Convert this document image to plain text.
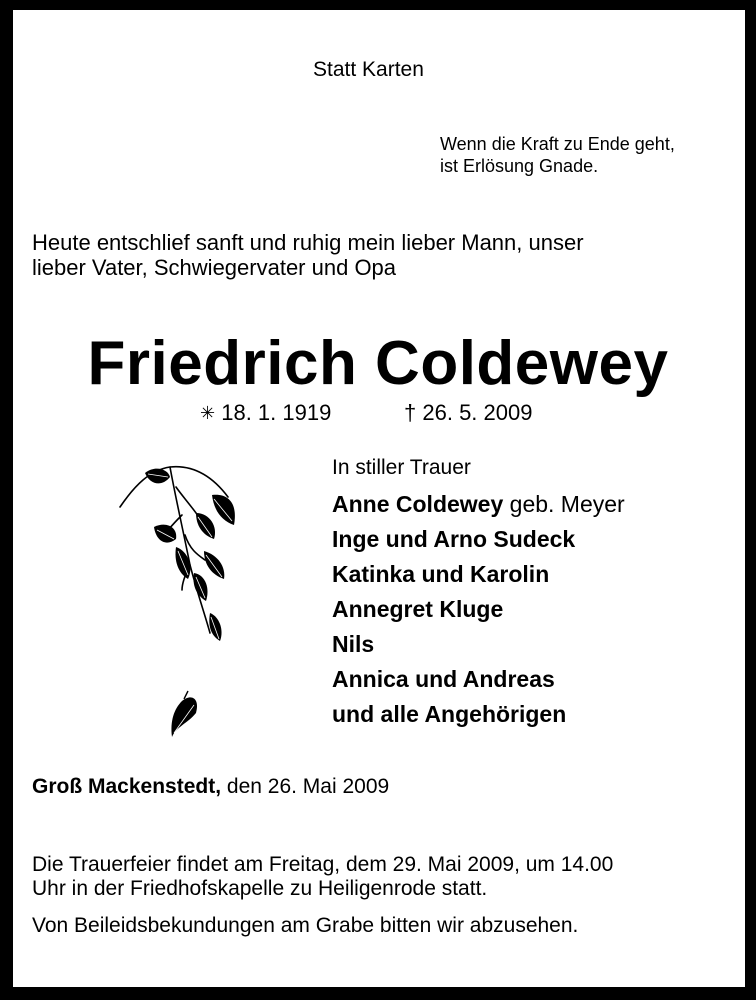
Statt Karten
Wenn die Kraft zu Ende geht,
ist Erlösung Gnade.
Heute entschlief sanft und ruhig mein lieber Mann, unser
lieber Vater, Schwiegervater und Opa
Friedrich Coldewey
✳ 18. 1. 1919	† 26. 5. 2009
In stiller Trauer
Anne Coldewey geb. Meyer
Inge und Arno Sudeck
Katinka und Karolin
Annegret Kluge
Nils
Annica und Andreas
und alle Angehörigen
Groß Mackenstedt, den 26. Mai 2009
Die Trauerfeier findet am Freitag, dem 29. Mai 2009, um 14.00
Uhr in der Friedhofskapelle zu Heiligenrode statt.
Von Beileidsbekundungen am Grabe bitten wir abzusehen.
